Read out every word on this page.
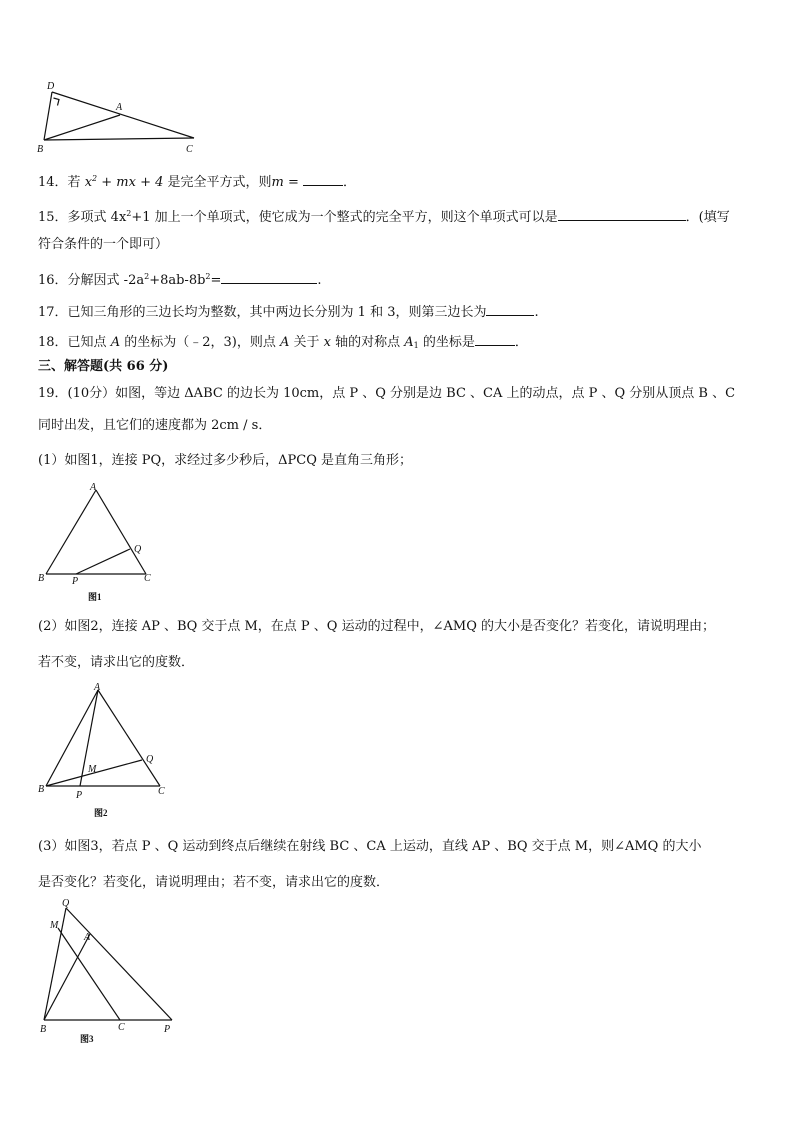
D
A
B	C
14．若 $x^2$ + mx + 4 是完全平方式，则m =	．
15．多项式 $4x^2+1$ 加上一个单项式，使它成为一个整式的完全平方，则这个单项式可以是	．(填写
符合条件的一个即可）
16．分解因式 $-2a^2+8ab-8b^2=$	.
17．已知三角形的三边长均为整数，其中两边长分别为 1 和 3，则第三边长为	.
18．已知点 A 的坐标为（﹣2，3)，则点 A 关于 x 轴的对称点 $A_1$ 的坐标是	．
三、解答题(共 66 分)
19．(10分）如图，等边 ΔABC 的边长为 10cm，点 P 、Q 分别是边 BC 、CA 上的动点，点 P 、Q 分别从顶点 B 、C
同时出发，且它们的速度都为 2cm / s．
(1）如图1，连接 PQ，求经过多少秒后，ΔPCQ 是直角三角形；
A
Q
B	P	C
图1
(2）如图2，连接 AP 、BQ 交于点 M，在点 P 、Q 运动的过程中，∠AMQ 的大小是否变化？若变化，请说明理由；
若不变，请求出它的度数．
A
Q
M
B
P	C
图2
(3）如图3，若点 P 、Q 运动到终点后继续在射线 BC 、CA 上运动，直线 AP 、BQ 交于点 M，则∠AMQ 的大小
是否变化？若变化，请说明理由；若不变，请求出它的度数．
Q
M
A
B	C	P
图3
